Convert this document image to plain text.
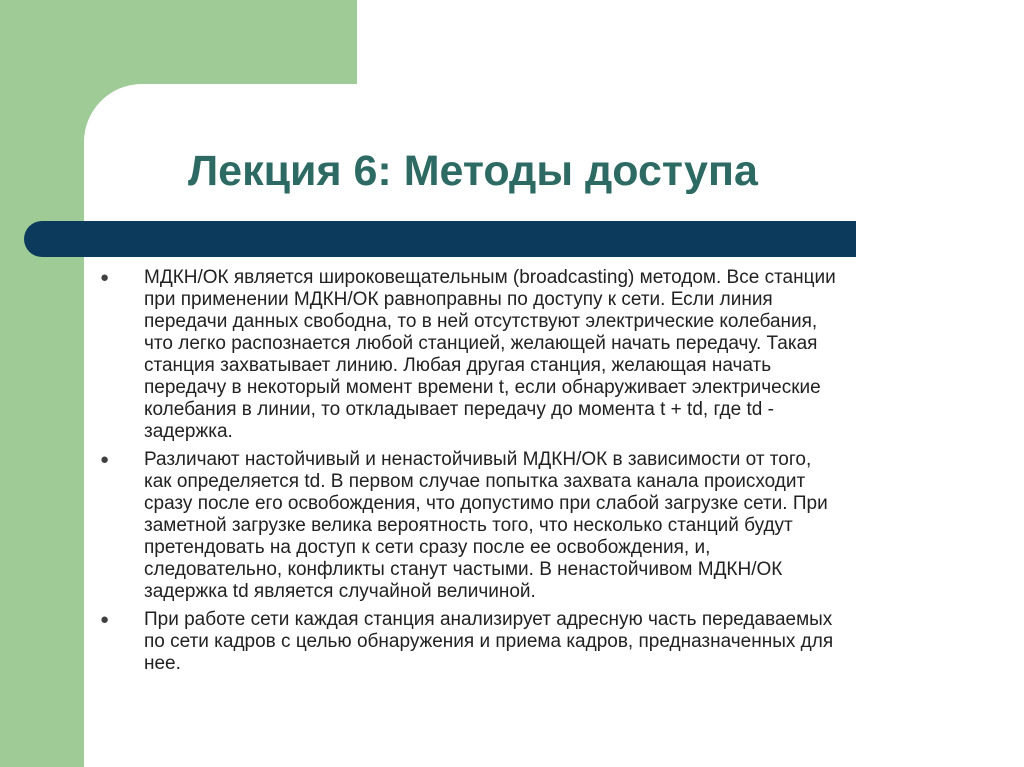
Лекция 6: Методы доступа
●	МДКН/ОК является широковещательным (broadcasting) методом. Все станции
при применении МДКН/ОК равноправны по доступу к сети. Если линия
передачи данных свободна, то в ней отсутствуют электрические колебания,
что легко распознается любой станцией, желающей начать передачу. Такая
станция захватывает линию. Любая другая станция, желающая начать
передачу в некоторый момент времени t, если обнаруживает электрические
колебания в линии, то откладывает передачу до момента t + td, где td -
задержка.
●	Различают настойчивый и ненастойчивый МДКН/ОК в зависимости от того,
как определяется td. В первом случае попытка захвата канала происходит
сразу после его освобождения, что допустимо при слабой загрузке сети. При
заметной загрузке велика вероятность того, что несколько станций будут
претендовать на доступ к сети сразу после ее освобождения, и,
следовательно, конфликты станут частыми. В ненастойчивом МДКН/ОК
задержка td является случайной величиной.
●	При работе сети каждая станция анализирует адресную часть передаваемых
по сети кадров с целью обнаружения и приема кадров, предназначенных для
нее.
